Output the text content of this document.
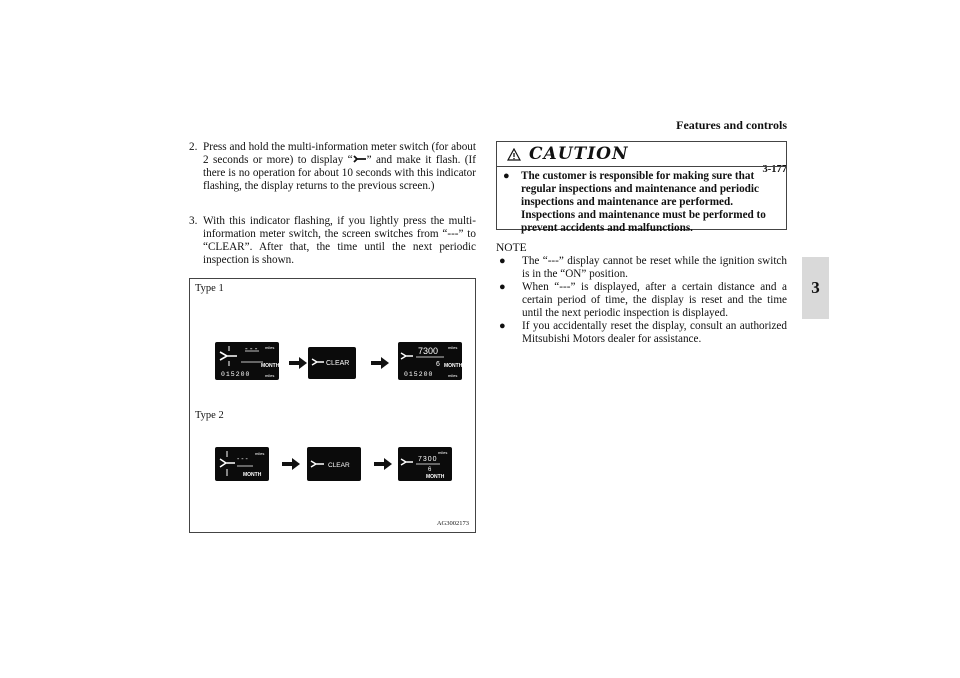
Features and controls
3
3-177
2. Press and hold the multi-information meter switch (for about 2 seconds or more) to display “ ” and make it flash. (If there is no operation for about 10 seconds with this indicator flashing, the display returns to the previous screen.)
3. With this indicator flashing, if you lightly press the multi-information meter switch, the screen switches from “---” to “CLEAR”. After that, the time until the next periodic inspection is shown.
Type 1
Type 2
- - - miles
MONTH
015200	miles
CLEAR
7300 miles
6 MONTH
015200	miles
- - -
miles
MONTH
CLEAR
7300
miles
6
MONTH
AG3002173
CAUTION
● The customer is responsible for making sure that regular inspections and maintenance and periodic inspections and maintenance are performed. Inspections and maintenance must be performed to prevent accidents and malfunctions.
NOTE
● The “---” display cannot be reset while the ignition switch is in the “ON” position.
● When “---” is displayed, after a certain distance and a certain period of time, the display is reset and the time until the next periodic inspection is displayed.
● If you accidentally reset the display, consult an authorized Mitsubishi Motors dealer for assistance.
